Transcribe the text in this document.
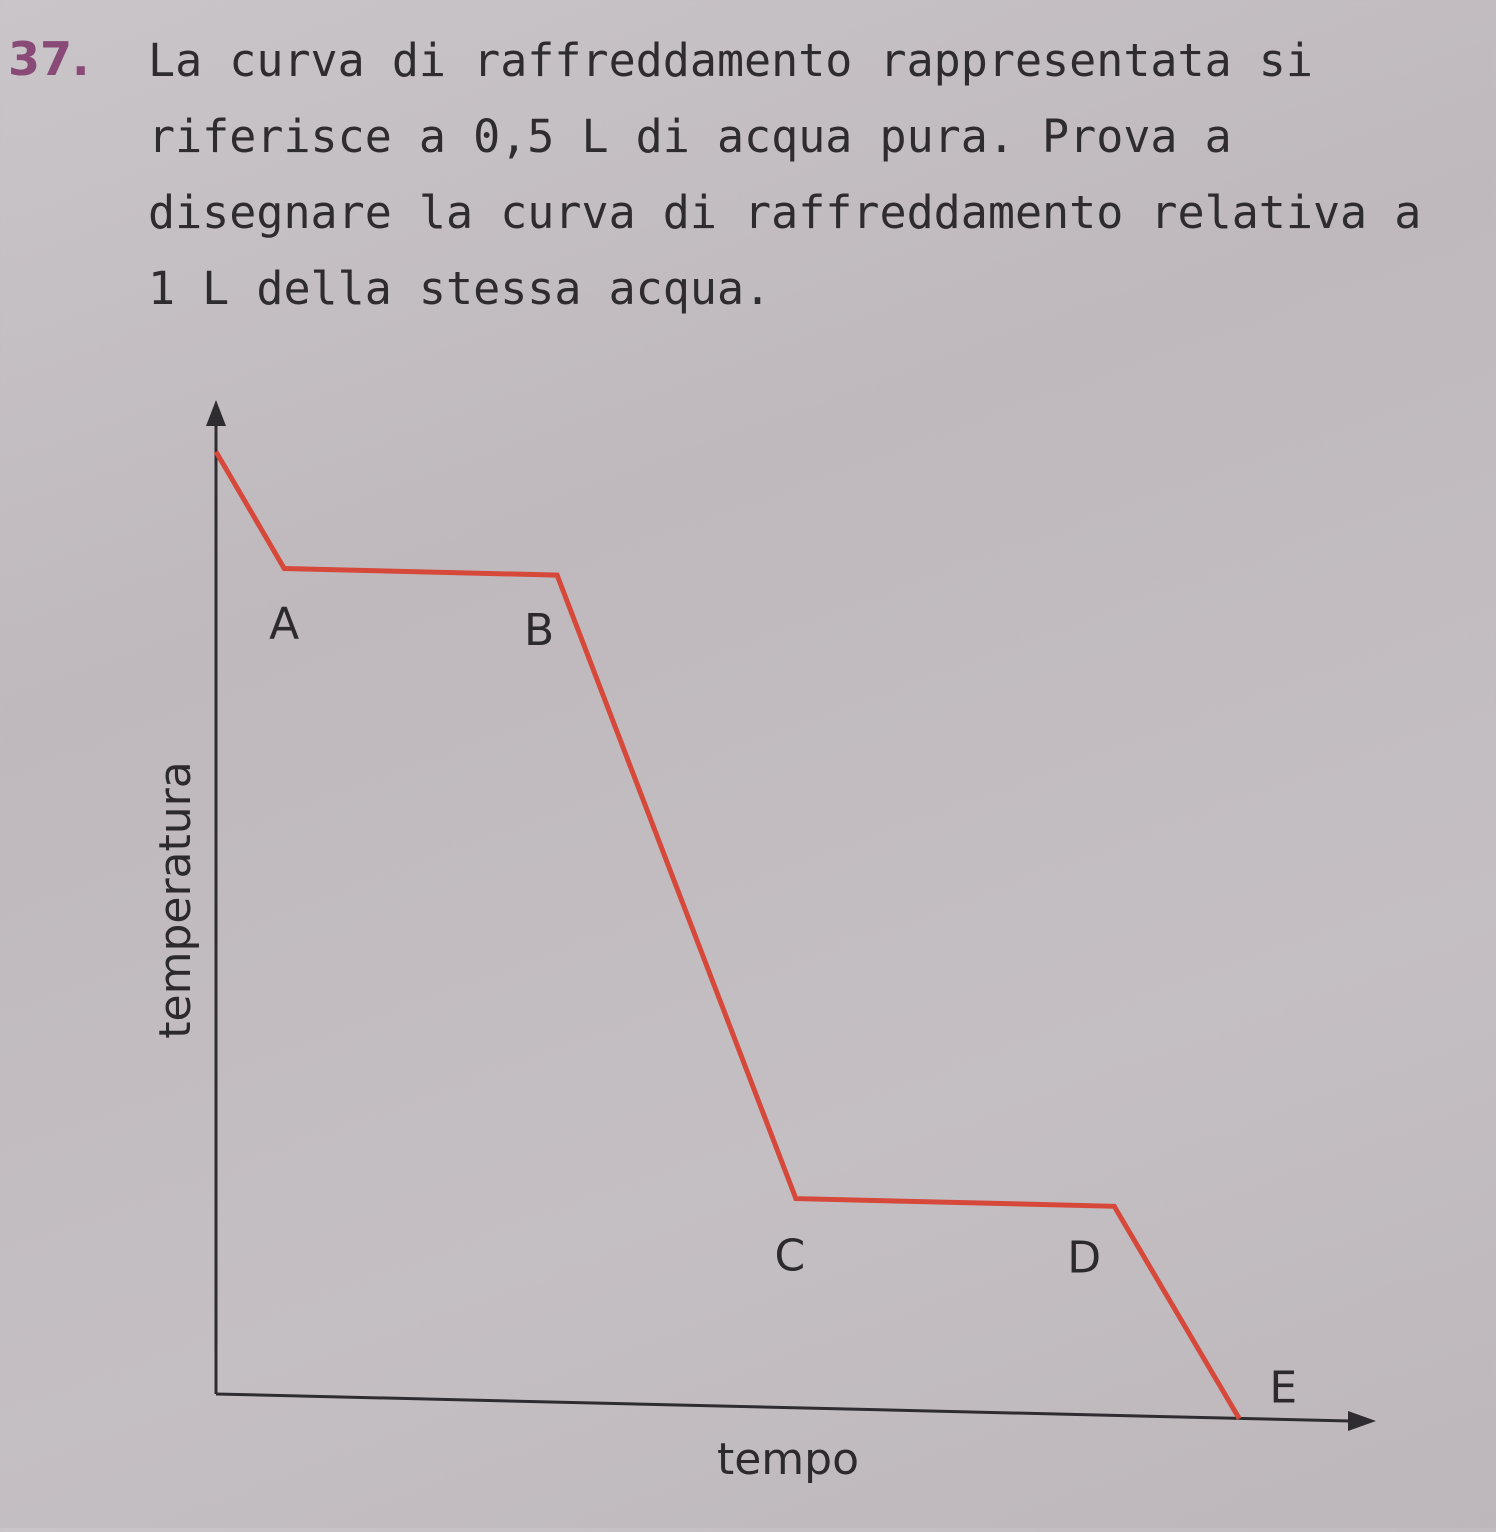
37. La curva di raffreddamento rappresentata si
riferisce a 0,5 L di acqua pura. Prova a
disegnare la curva di raffreddamento relativa a
1 L della stessa acqua.
tempo
temperatura
A	B
C	D
E
